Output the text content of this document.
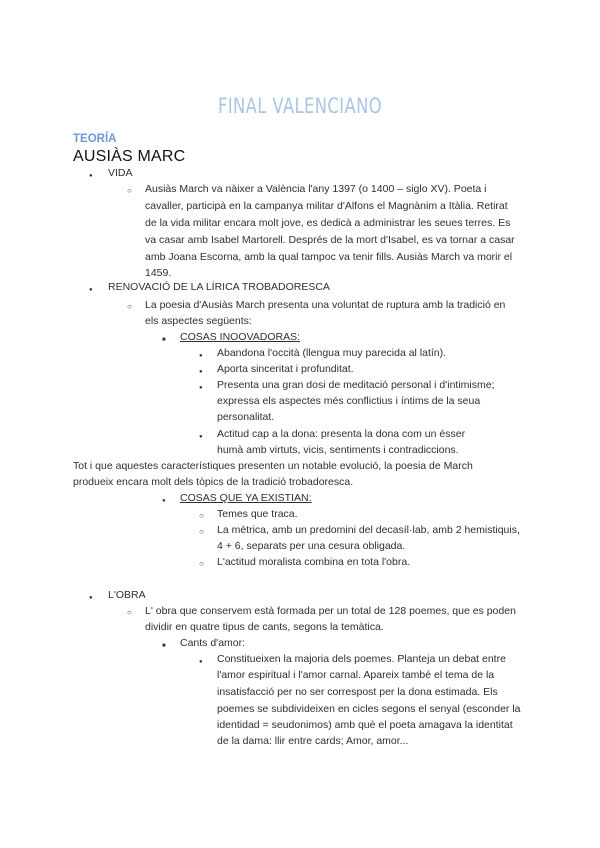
FINAL VALENCIANO
TEORÍA
AUSIÀS MARC
●
VIDA
○
Ausiàs March va nàixer a València l'any 1397 (o 1400 – siglo XV). Poeta i
cavaller, participà en la campanya militar d'Alfons el Magnànim a Itàlia. Retirat
de la vida militar encara molt jove, es dedicà a administrar les seues terres. Es
va casar amb Isabel Martorell. Després de la mort d'Isabel, es va tornar a casar
amb Joana Escorna, amb la qual tampoc va tenir fills. Ausiàs March va morir el
1459.
●
RENOVACIÓ DE LA LÍRICA TROBADORESCA
○
La poesia d'Ausiàs March presenta una voluntat de ruptura amb la tradició en
els aspectes següents:
■
COSAS INOOVADORAS:
●
Abandona l'occità (llengua muy parecida al latín).
●
Aporta sinceritat i profunditat.
●
Presenta una gran dosi de meditació personal i d'intimisme;
expressa els aspectes més conflictius i íntims de la seua
personalitat.
●
Actitud cap a la dona: presenta la dona com un ésser
humà amb virtuts, vicis, sentiments i contradiccions.
Tot i que aquestes característiques presenten un notable evolució, la poesia de March
produeix encara molt dels tòpics de la tradició trobadoresca.
●
COSAS QUE YA EXISTIAN:
○
Temes que traca.
○
La mètrica, amb un predomini del decasíl·lab, amb 2 hemistiquis,
4 + 6, separats per una cesura obligada.
○
L'actitud moralista combina en tota l'obra.
●
L'OBRA
○
L' obra que conservem està formada per un total de 128 poemes, que es poden
dividir en quatre tipus de cants, segons la temàtica.
■
Cants d'amor:
●
Constitueixen la majoria dels poemes. Planteja un debat entre
l'amor espiritual i l'amor carnal. Apareix també el tema de la
insatisfacció per no ser correspost per la dona estimada. Els
poemes se subdivideixen en cicles segons el senyal (esconder la
identidad = seudonimos) amb què el poeta amagava la identitat
de la dama: llir entre cards; Amor, amor...
